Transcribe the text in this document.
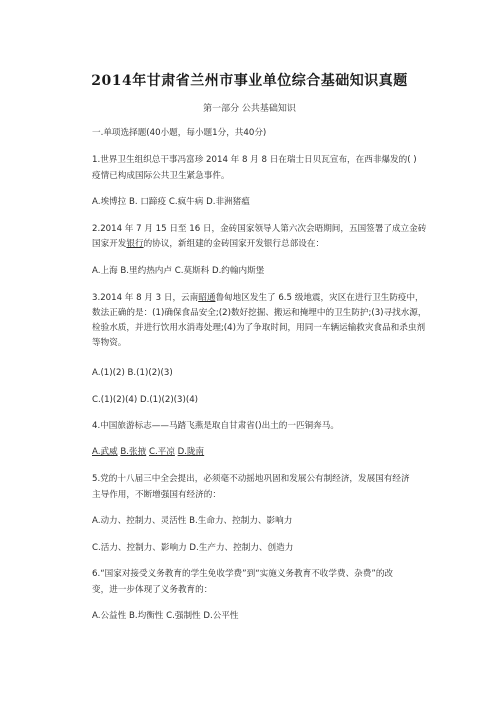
2014年甘肃省兰州市事业单位综合基础知识真题
第一部分 公共基础知识
一.单项选择题(40小题，每小题1分，共40分)
1.世界卫生组织总干事冯富珍 2014 年 8 月 8 日在瑞士日贝瓦宣布，在西非爆发的( )
疫情已构成国际公共卫生紧急事件。
A.埃博拉 B. 口蹄疫 C.疯牛病 D.非洲猪瘟
2.2014 年 7 月 15 日至 16 日，金砖国家领导人第六次会晤期间，五国签署了成立金砖
国家开发银行的协议，新组建的金砖国家开发银行总部设在：
A.上海 B.里约热内卢 C.莫斯科 D.约翰内斯堡
3.2014 年 8 月 3 日，云南昭通鲁甸地区发生了 6.5 级地震，灾区在进行卫生防疫中，
数法正确的是：(1)确保食品安全;(2)数好挖掘、搬运和掩埋中的卫生防护;(3)寻找水源，
检验水质，并进行饮用水消毒处理;(4)为了争取时间，用同一车辆运输救灾食品和杀虫剂
等物资。
A.(1)(2) B.(1)(2)(3)
C.(1)(2)(4) D.(1)(2)(3)(4)
4.中国旅游标志——马踏飞燕是取自甘肃省()出土的一匹铜奔马。
A.武威 B.张掖 C.平凉 D.陇南
5.党的十八届三中全会提出，必须毫不动摇地巩固和发展公有制经济，发展国有经济
主导作用，不断增强国有经济的：
A.动力、控制力、灵活性 B.生命力、控制力、影响力
C.活力、控制力、影响力 D.生产力、控制力、创造力
6.“国家对接受义务教育的学生免收学费”到“实施义务教育不收学费、杂费”的改
变，进一步体现了义务教育的：
A.公益性 B.均衡性 C.强制性 D.公平性
